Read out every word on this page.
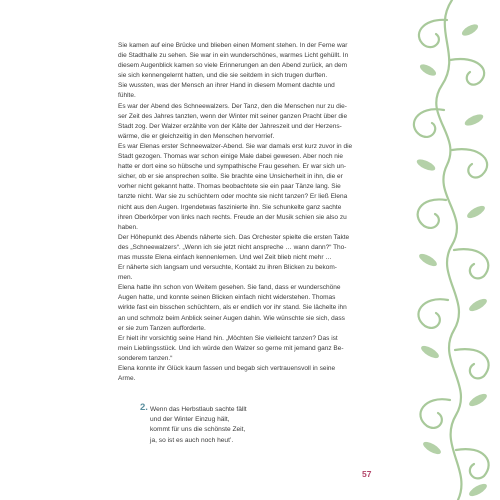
Sie kamen auf eine Brücke und blieben einen Moment stehen. In der Ferne war

die Stadthalle zu sehen. Sie war in ein wunderschönes, warmes Licht gehüllt. In

diesem Augenblick kamen so viele Erinnerungen an den Abend zurück, an dem

sie sich kennengelernt hatten, und die sie seitdem in sich trugen durften.

Sie wussten, was der Mensch an ihrer Hand in diesem Moment dachte und

fühlte.

Es war der Abend des Schneewalzers. Der Tanz, den die Menschen nur zu die-

ser Zeit des Jahres tanzten, wenn der Winter mit seiner ganzen Pracht über die

Stadt zog. Der Walzer erzählte von der Kälte der Jahreszeit und der Herzens-

wärme, die er gleichzeitig in den Menschen hervorrief.

Es war Elenas erster Schneewalzer-Abend. Sie war damals erst kurz zuvor in die

Stadt gezogen. Thomas war schon einige Male dabei gewesen. Aber noch nie

hatte er dort eine so hübsche und sympathische Frau gesehen. Er war sich un-

sicher, ob er sie ansprechen sollte. Sie brachte eine Unsicherheit in ihn, die er

vorher nicht gekannt hatte. Thomas beobachtete sie ein paar Tänze lang. Sie

tanzte nicht. War sie zu schüchtern oder mochte sie nicht tanzen? Er ließ Elena

nicht aus den Augen. Irgendetwas faszinierte ihn. Sie schunkelte ganz sachte

ihren Oberkörper von links nach rechts. Freude an der Musik schien sie also zu

haben.

Der Höhepunkt des Abends näherte sich. Das Orchester spielte die ersten Takte

des „Schneewalzers“. „Wenn ich sie jetzt nicht anspreche … wann dann?“ Tho-

mas musste Elena einfach kennenlernen. Und wel Zeit blieb nicht mehr …

Er näherte sich langsam und versuchte, Kontakt zu ihren Blicken zu bekom-

men.

Elena hatte ihn schon von Weitem gesehen. Sie fand, dass er wunderschöne

Augen hatte, und konnte seinen Blicken einfach nicht widerstehen. Thomas

wirkte fast ein bisschen schüchtern, als er endlich vor ihr stand. Sie lächelte ihn

an und schmolz beim Anblick seiner Augen dahin. Wie wünschte sie sich, dass

er sie zum Tanzen aufforderte.

Er hielt ihr vorsichtig seine Hand hin. „Möchten Sie vielleicht tanzen? Das ist

mein Lieblingsstück. Und ich würde den Walzer so gerne mit jemand ganz Be-

sonderem tanzen.“

Elena konnte ihr Glück kaum fassen und begab sich vertrauensvoll in seine

Arme.

2. Wenn das Herbstlaub sachte fällt
und der Winter Einzug hält,
kommt für uns die schönste Zeit,
ja, so ist es auch noch heut’.
57
